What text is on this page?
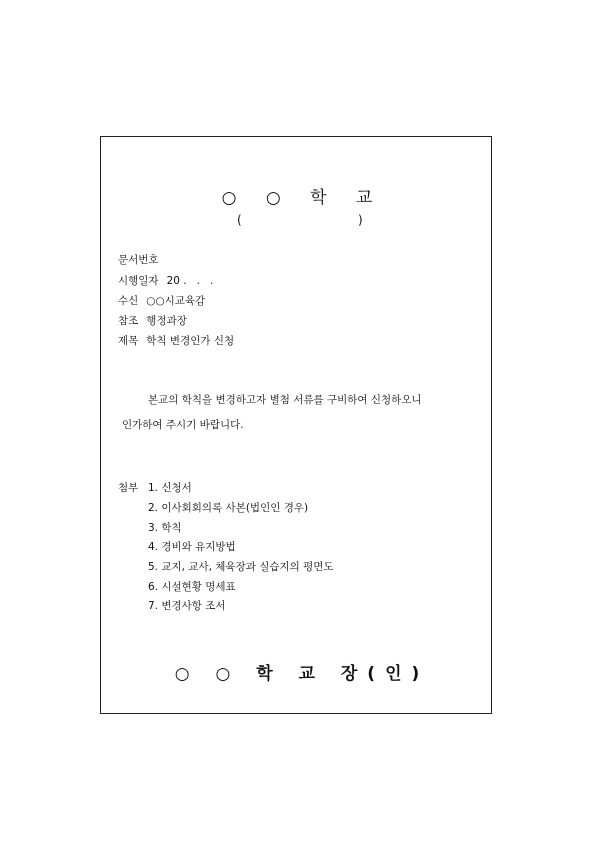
○ ○ 학 교
(	)
문서번호
시행일자 20 .   .   .
수신 ○○시교육감
참조 행정과장
제목 학칙 변경인가 신청
본교의 학칙을 변경하고자 별첨 서류를 구비하여 신청하오니
인가하여 주시기 바랍니다.
첨부 1. 신청서
2. 이사회회의록 사본(법인인 경우)
3. 학칙
4. 경비와 유지방법
5. 교지, 교사, 체육장과 실습지의 평면도
6. 시설현황 명세표
7. 변경사항 조서
○ ○ 학 교 장(인)
